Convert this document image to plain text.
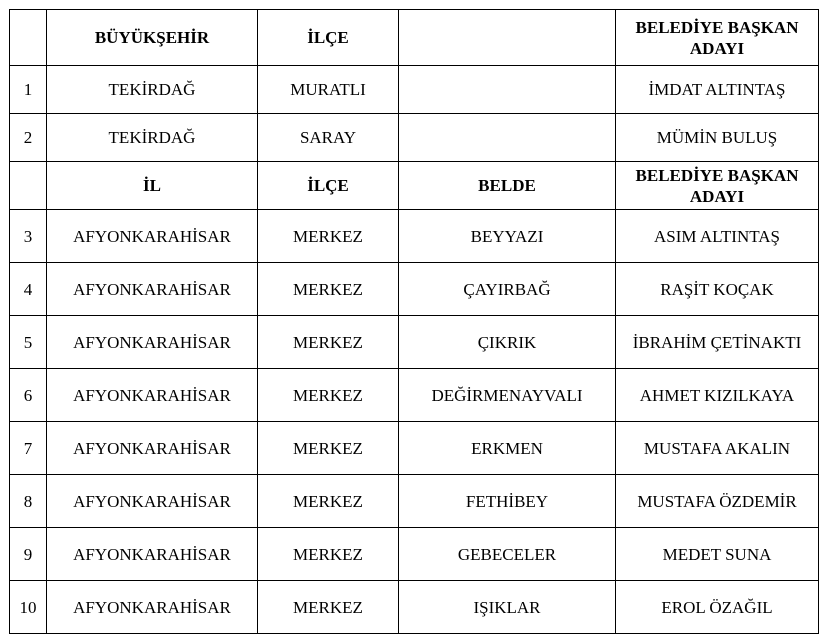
	BÜYÜKŞEHİR	İLÇE		BELEDİYE BAŞKAN ADAYI
1	TEKİRDAĞ	MURATLI		İMDAT ALTINTAŞ
2	TEKİRDAĞ	SARAY		MÜMİN BULUŞ
	İL	İLÇE	BELDE	BELEDİYE BAŞKAN ADAYI
3	AFYONKARAHİSAR	MERKEZ	BEYYAZI	ASIM ALTINTAŞ
4	AFYONKARAHİSAR	MERKEZ	ÇAYIRBAĞ	RAŞİT KOÇAK
5	AFYONKARAHİSAR	MERKEZ	ÇIKRIK	İBRAHİM ÇETİNAKTI
6	AFYONKARAHİSAR	MERKEZ	DEĞİRMENAYVALI	AHMET KIZILKAYA
7	AFYONKARAHİSAR	MERKEZ	ERKMEN	MUSTAFA AKALIN
8	AFYONKARAHİSAR	MERKEZ	FETHİBEY	MUSTAFA ÖZDEMİR
9	AFYONKARAHİSAR	MERKEZ	GEBECELER	MEDET SUNA
10	AFYONKARAHİSAR	MERKEZ	IŞIKLAR	EROL ÖZAĞIL
